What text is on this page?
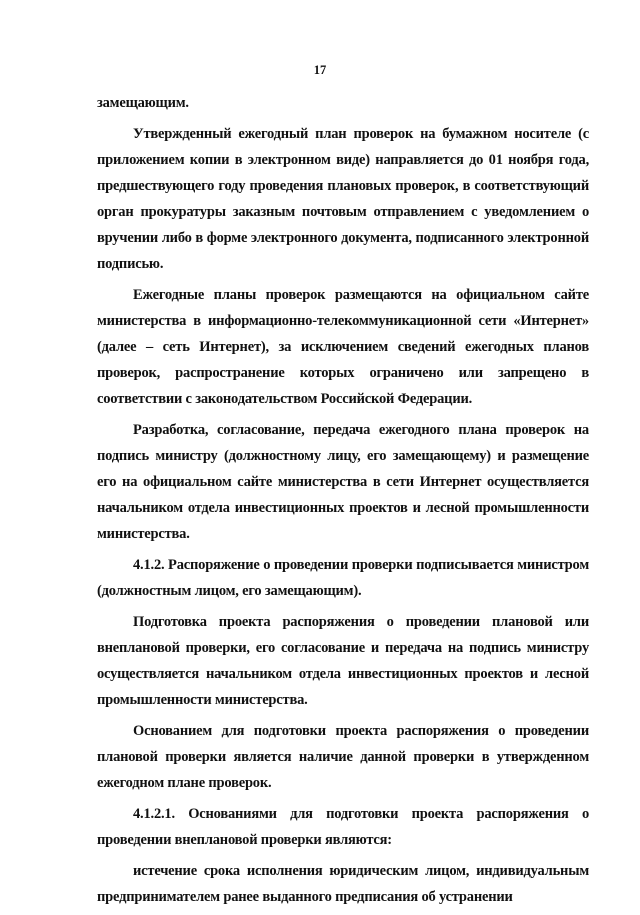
17

замещающим.

Утвержденный ежегодный план проверок на бумажном носителе (с приложением копии в электронном виде) направляется до 01 ноября года, предшествующего году проведения плановых проверок, в соответствующий орган прокуратуры заказным почтовым отправлением с уведомлением о вручении либо в форме электронного документа, подписанного электронной подписью.

Ежегодные планы проверок размещаются на официальном сайте министерства в информационно-телекоммуникационной сети «Интернет» (далее – сеть Интернет), за исключением сведений ежегодных планов проверок, распространение которых ограничено или запрещено в соответствии с законодательством Российской Федерации.

Разработка, согласование, передача ежегодного плана проверок на подпись министру (должностному лицу, его замещающему) и размещение его на официальном сайте министерства в сети Интернет осуществляется начальником отдела инвестиционных проектов и лесной промышленности министерства.

4.1.2. Распоряжение о проведении проверки подписывается министром (должностным лицом, его замещающим).

Подготовка проекта распоряжения о проведении плановой или внеплановой проверки, его согласование и передача на подпись министру осуществляется начальником отдела инвестиционных проектов и лесной промышленности министерства.

Основанием для подготовки проекта распоряжения о проведении плановой проверки является наличие данной проверки в утвержденном ежегодном плане проверок.

4.1.2.1. Основаниями для подготовки проекта распоряжения о проведении внеплановой проверки являются:

истечение срока исполнения юридическим лицом, индивидуальным предпринимателем ранее выданного предписания об устранении
